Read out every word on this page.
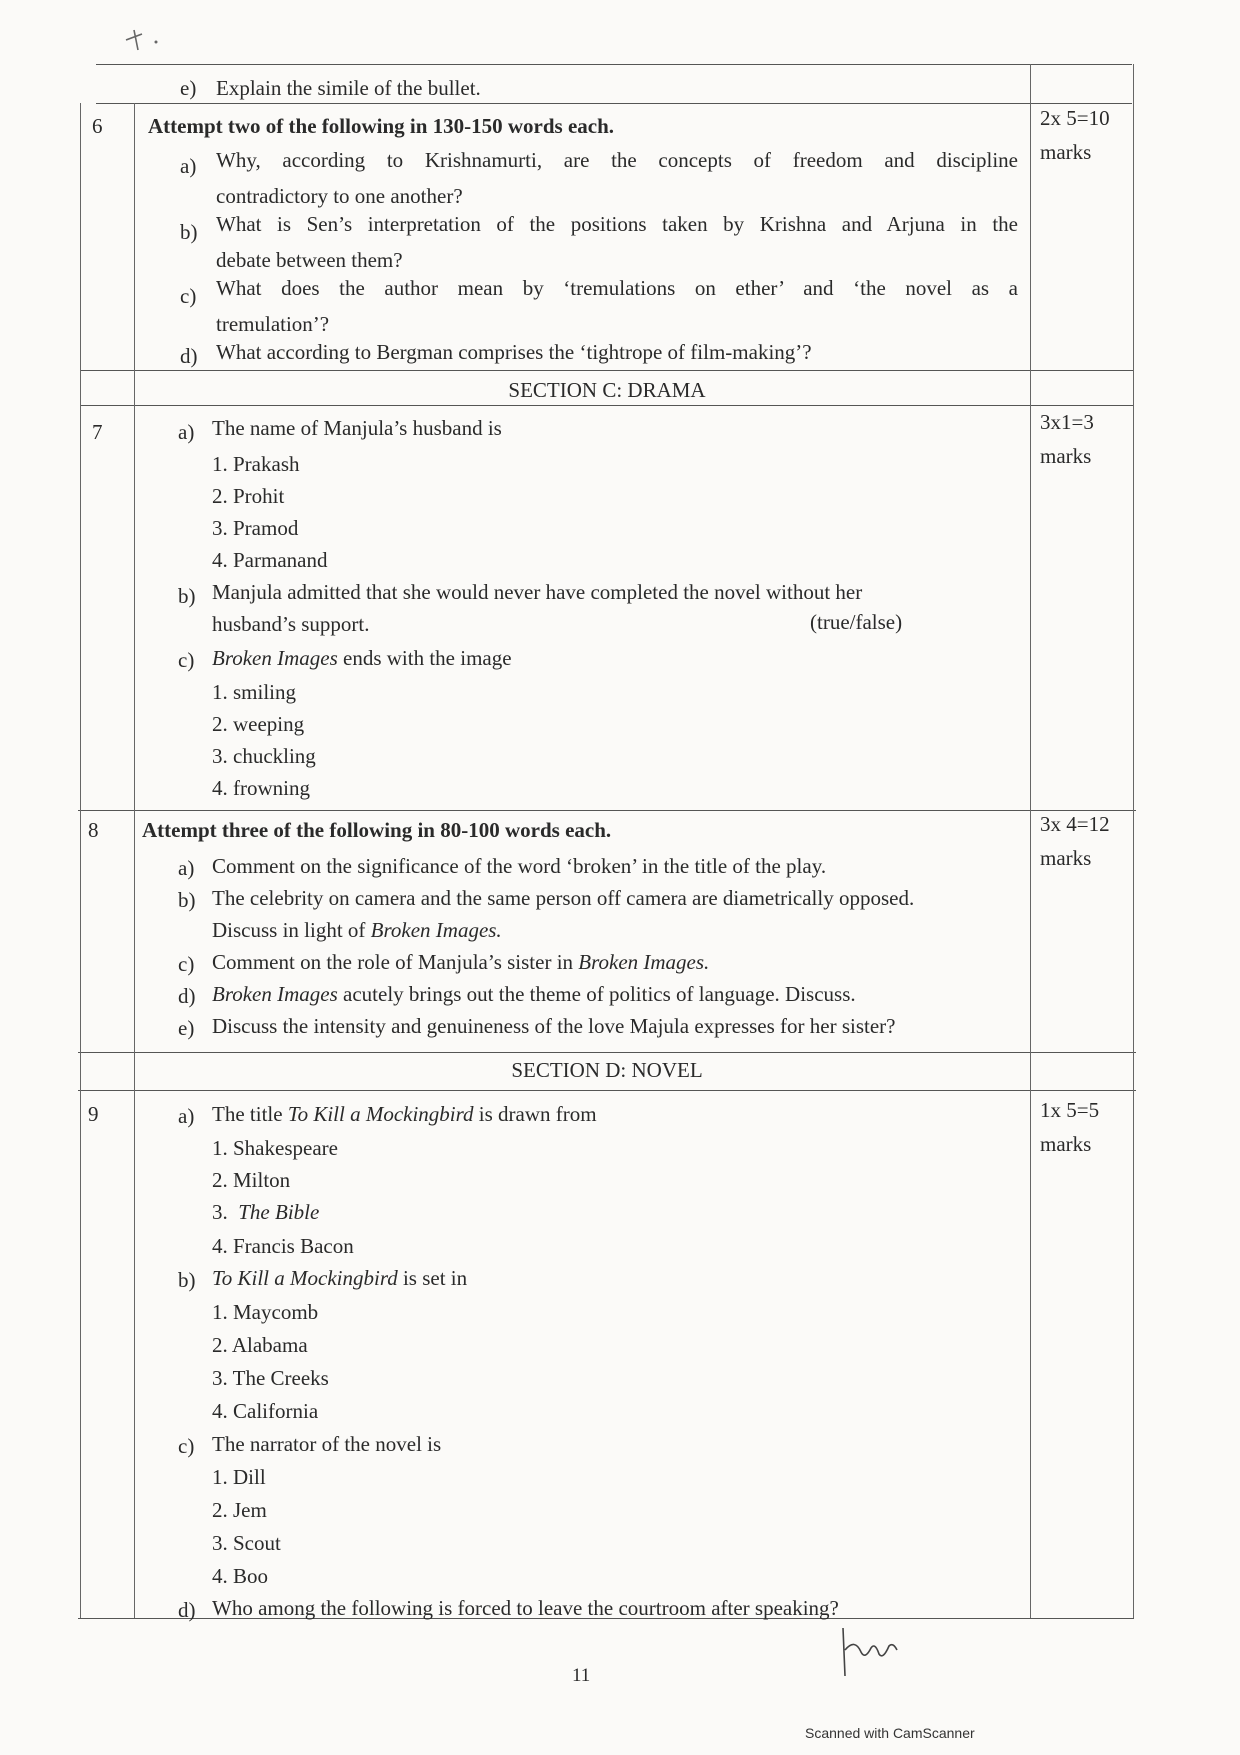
e) Explain the simile of the bullet.
6 Attempt two of the following in 130-150 words each.	2x 5=10
marks
a) Why, according to Krishnamurti, are the concepts of freedom and discipline
contradictory to one another?
b) What is Sen’s interpretation of the positions taken by Krishna and Arjuna in the
debate between them?
c) What does the author mean by ‘tremulations on ether’ and ‘the novel as a
tremulation’?
d) What according to Bergman comprises the ‘tightrope of film-making’?
SECTION C: DRAMA
7	3x1=3
marks
a) The name of Manjula’s husband is
1. Prakash
2. Prohit
3. Pramod
4. Parmanand
b) Manjula admitted that she would never have completed the novel without her
husband’s support.	(true/false)
c) Broken Images ends with the image
1. smiling
2. weeping
3. chuckling
4. frowning
8 Attempt three of the following in 80-100 words each.	3x 4=12
marks
a) Comment on the significance of the word ‘broken’ in the title of the play.
b) The celebrity on camera and the same person off camera are diametrically opposed.
Discuss in light of Broken Images.
c) Comment on the role of Manjula’s sister in Broken Images.
d) Broken Images acutely brings out the theme of politics of language. Discuss.
e) Discuss the intensity and genuineness of the love Majula expresses for her sister?
SECTION D: NOVEL
9	1x 5=5
marks
a) The title To Kill a Mockingbird is drawn from
1. Shakespeare
2. Milton
3.  The Bible
4. Francis Bacon
b) To Kill a Mockingbird is set in
1. Maycomb
2. Alabama
3. The Creeks
4. California
c) The narrator of the novel is
1. Dill
2. Jem
3. Scout
4. Boo
d) Who among the following is forced to leave the courtroom after speaking?
11
Scanned with CamScanner
